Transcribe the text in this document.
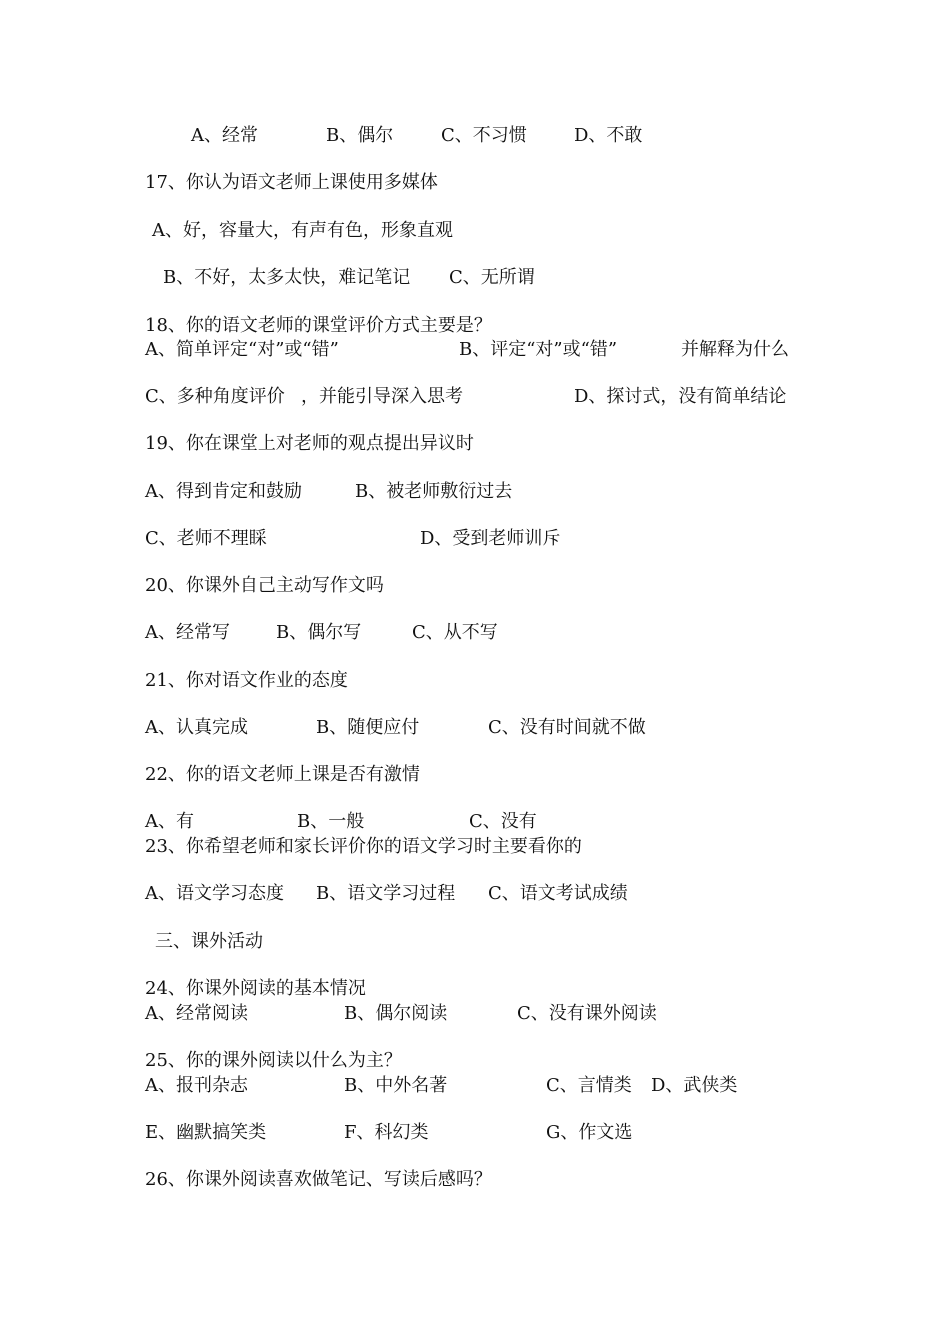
A、经常	B、偶尔	C、不习惯	D、不敢
17、你认为语文老师上课使用多媒体
A、好，容量大，有声有色，形象直观
B、不好，太多太快，难记笔记 C、无所谓
18、你的语文老师的课堂评价方式主要是？
A、简单评定“对”或“错”	B、评定“对”或“错”	并解释为什么
C、多种角度评价 ，并能引导深入思考	D、探讨式，没有简单结论
19、你在课堂上对老师的观点提出异议时
A、得到肯定和鼓励	B、被老师敷衍过去
C、老师不理睬	D、受到老师训斥
20、你课外自己主动写作文吗
A、经常写	B、偶尔写	C、从不写
21、你对语文作业的态度
A、认真完成	B、随便应付	C、没有时间就不做
22、你的语文老师上课是否有激情
A、有	B、一般	C、没有
23、你希望老师和家长评价你的语文学习时主要看你的
A、语文学习态度 B、语文学习过程 C、语文考试成绩
三、课外活动
24、你课外阅读的基本情况
A、经常阅读	B、偶尔阅读	C、没有课外阅读
25、你的课外阅读以什么为主？
A、报刊杂志	B、中外名著	C、言情类 D、武侠类
E、幽默搞笑类	F、科幻类	G、作文选
26、你课外阅读喜欢做笔记、写读后感吗？
